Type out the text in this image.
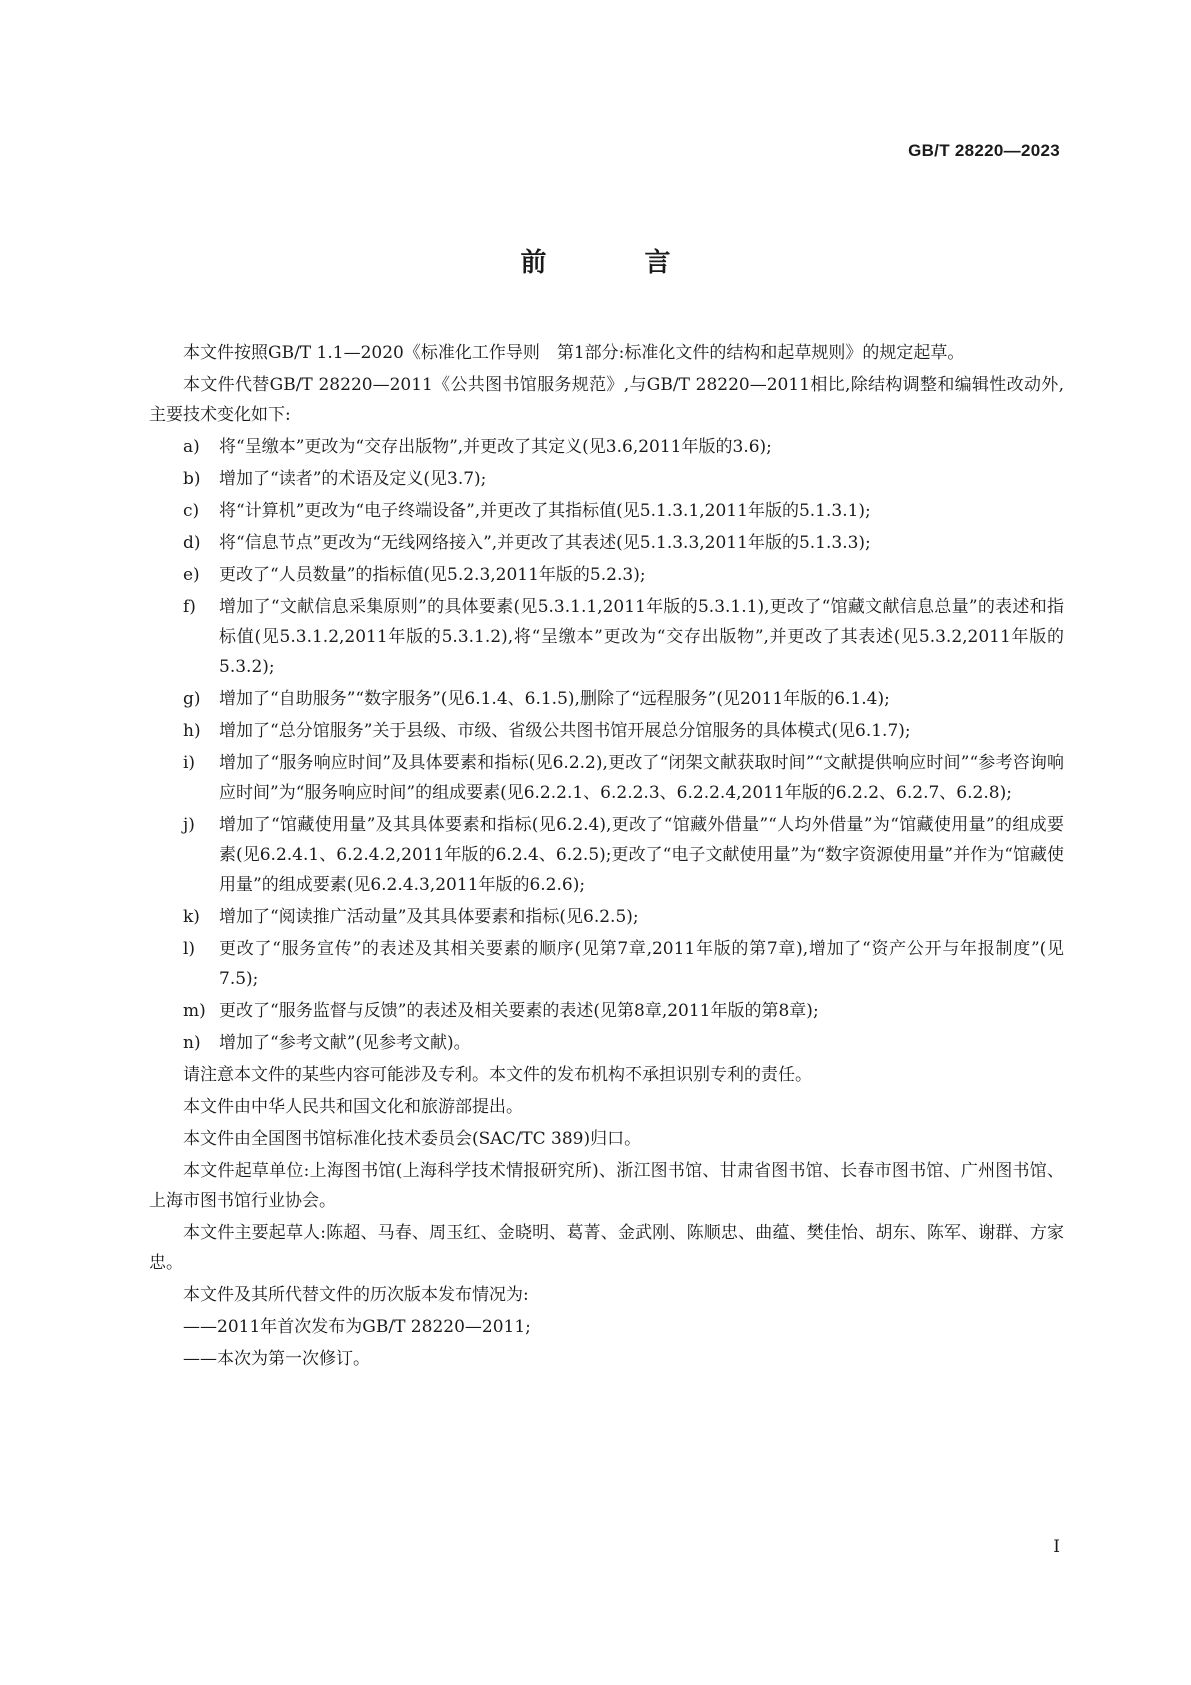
GB/T 28220—2023
前　言

本文件按照GB/T 1.1—2020《标准化工作导则　第1部分:标准化文件的结构和起草规则》的规定起草。

本文件代替GB/T 28220—2011《公共图书馆服务规范》,与GB/T 28220—2011相比,除结构调整和编辑性改动外,主要技术变化如下:

a) 将“呈缴本”更改为“交存出版物”,并更改了其定义(见3.6,2011年版的3.6);
b) 增加了“读者”的术语及定义(见3.7);
c) 将“计算机”更改为“电子终端设备”,并更改了其指标值(见5.1.3.1,2011年版的5.1.3.1);
d) 将“信息节点”更改为“无线网络接入”,并更改了其表述(见5.1.3.3,2011年版的5.1.3.3);
e) 更改了“人员数量”的指标值(见5.2.3,2011年版的5.2.3);
f) 增加了“文献信息采集原则”的具体要素(见5.3.1.1,2011年版的5.3.1.1),更改了“馆藏文献信息总量”的表述和指标值(见5.3.1.2,2011年版的5.3.1.2),将“呈缴本”更改为“交存出版物”,并更改了其表述(见5.3.2,2011年版的5.3.2);
g) 增加了“自助服务”“数字服务”(见6.1.4、6.1.5),删除了“远程服务”(见2011年版的6.1.4);
h) 增加了“总分馆服务”关于县级、市级、省级公共图书馆开展总分馆服务的具体模式(见6.1.7);
i) 增加了“服务响应时间”及具体要素和指标(见6.2.2),更改了“闭架文献获取时间”“文献提供响应时间”“参考咨询响应时间”为“服务响应时间”的组成要素(见6.2.2.1、6.2.2.3、6.2.2.4,2011年版的6.2.2、6.2.7、6.2.8);
j) 增加了“馆藏使用量”及其具体要素和指标(见6.2.4),更改了“馆藏外借量”“人均外借量”为“馆藏使用量”的组成要素(见6.2.4.1、6.2.4.2,2011年版的6.2.4、6.2.5);更改了“电子文献使用量”为“数字资源使用量”并作为“馆藏使用量”的组成要素(见6.2.4.3,2011年版的6.2.6);
k) 增加了“阅读推广活动量”及其具体要素和指标(见6.2.5);
l) 更改了“服务宣传”的表述及其相关要素的顺序(见第7章,2011年版的第7章),增加了“资产公开与年报制度”(见7.5);
m) 更改了“服务监督与反馈”的表述及相关要素的表述(见第8章,2011年版的第8章);
n) 增加了“参考文献”(见参考文献)。

请注意本文件的某些内容可能涉及专利。本文件的发布机构不承担识别专利的责任。

本文件由中华人民共和国文化和旅游部提出。

本文件由全国图书馆标准化技术委员会(SAC/TC 389)归口。

本文件起草单位:上海图书馆(上海科学技术情报研究所)、浙江图书馆、甘肃省图书馆、长春市图书馆、广州图书馆、上海市图书馆行业协会。

本文件主要起草人:陈超、马春、周玉红、金晓明、葛菁、金武刚、陈顺忠、曲蕴、樊佳怡、胡东、陈军、谢群、方家忠。

本文件及其所代替文件的历次版本发布情况为:

——2011年首次发布为GB/T 28220—2011;
——本次为第一次修订。
I
